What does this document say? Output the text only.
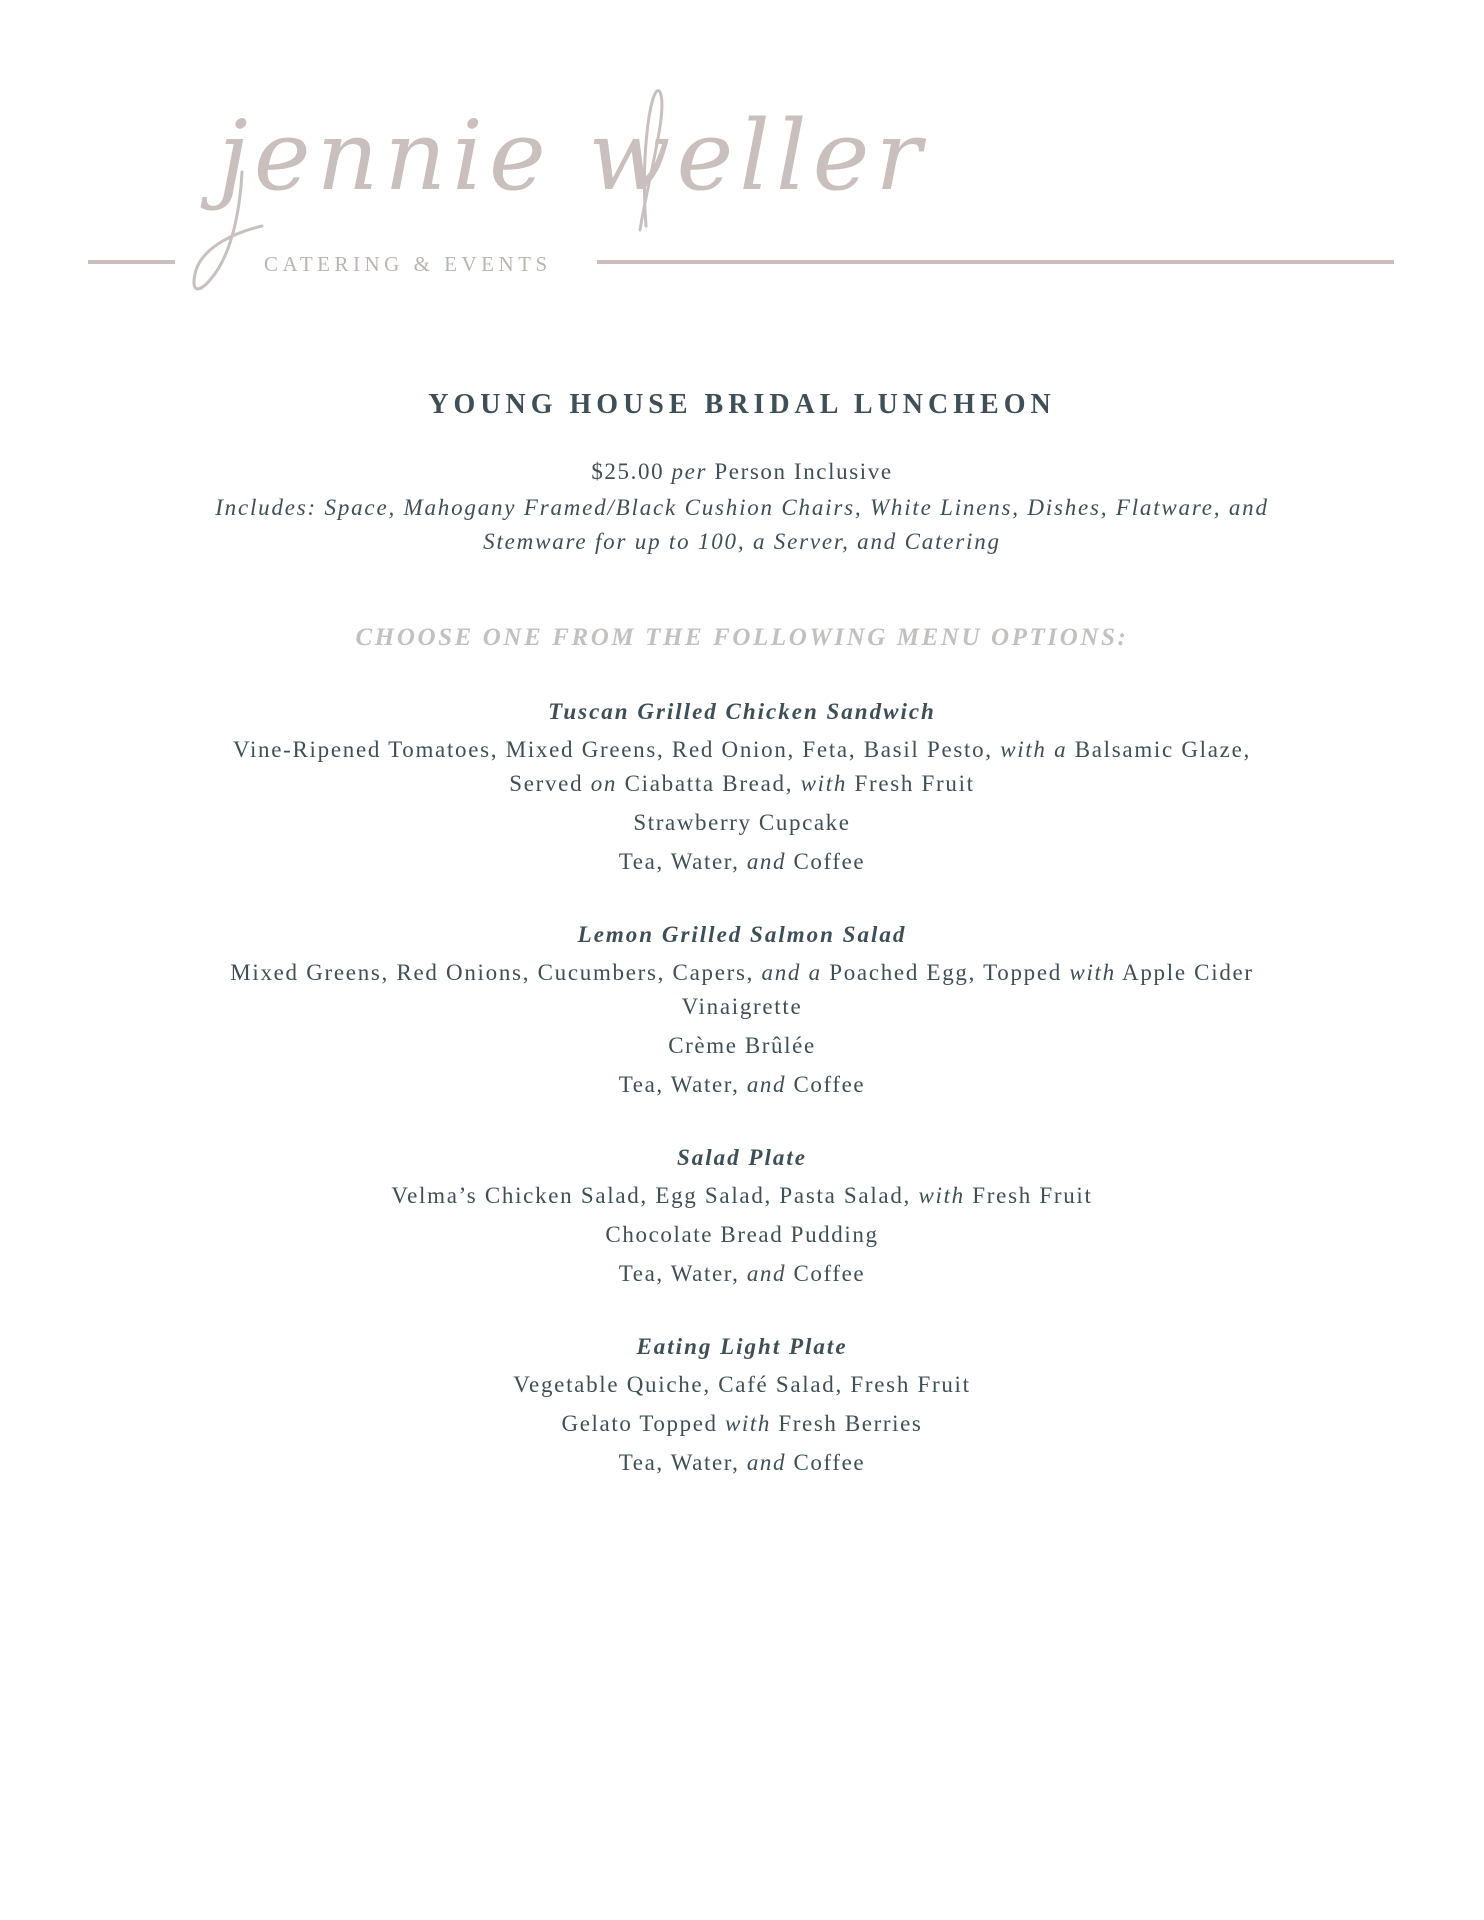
jennie weller
CATERING & EVENTS
YOUNG HOUSE BRIDAL LUNCHEON
$25.00 per Person Inclusive
Includes: Space, Mahogany Framed/Black Cushion Chairs, White Linens, Dishes, Flatware, and Stemware for up to 100, a Server, and Catering
CHOOSE ONE FROM THE FOLLOWING MENU OPTIONS:
Tuscan Grilled Chicken Sandwich
Vine-Ripened Tomatoes, Mixed Greens, Red Onion, Feta, Basil Pesto, with a Balsamic Glaze, Served on Ciabatta Bread, with Fresh Fruit
Strawberry Cupcake
Tea, Water, and Coffee
Lemon Grilled Salmon Salad
Mixed Greens, Red Onions, Cucumbers, Capers, and a Poached Egg, Topped with Apple Cider Vinaigrette
Crème Brûlée
Tea, Water, and Coffee
Salad Plate
Velma’s Chicken Salad, Egg Salad, Pasta Salad, with Fresh Fruit
Chocolate Bread Pudding
Tea, Water, and Coffee
Eating Light Plate
Vegetable Quiche, Café Salad, Fresh Fruit
Gelato Topped with Fresh Berries
Tea, Water, and Coffee
